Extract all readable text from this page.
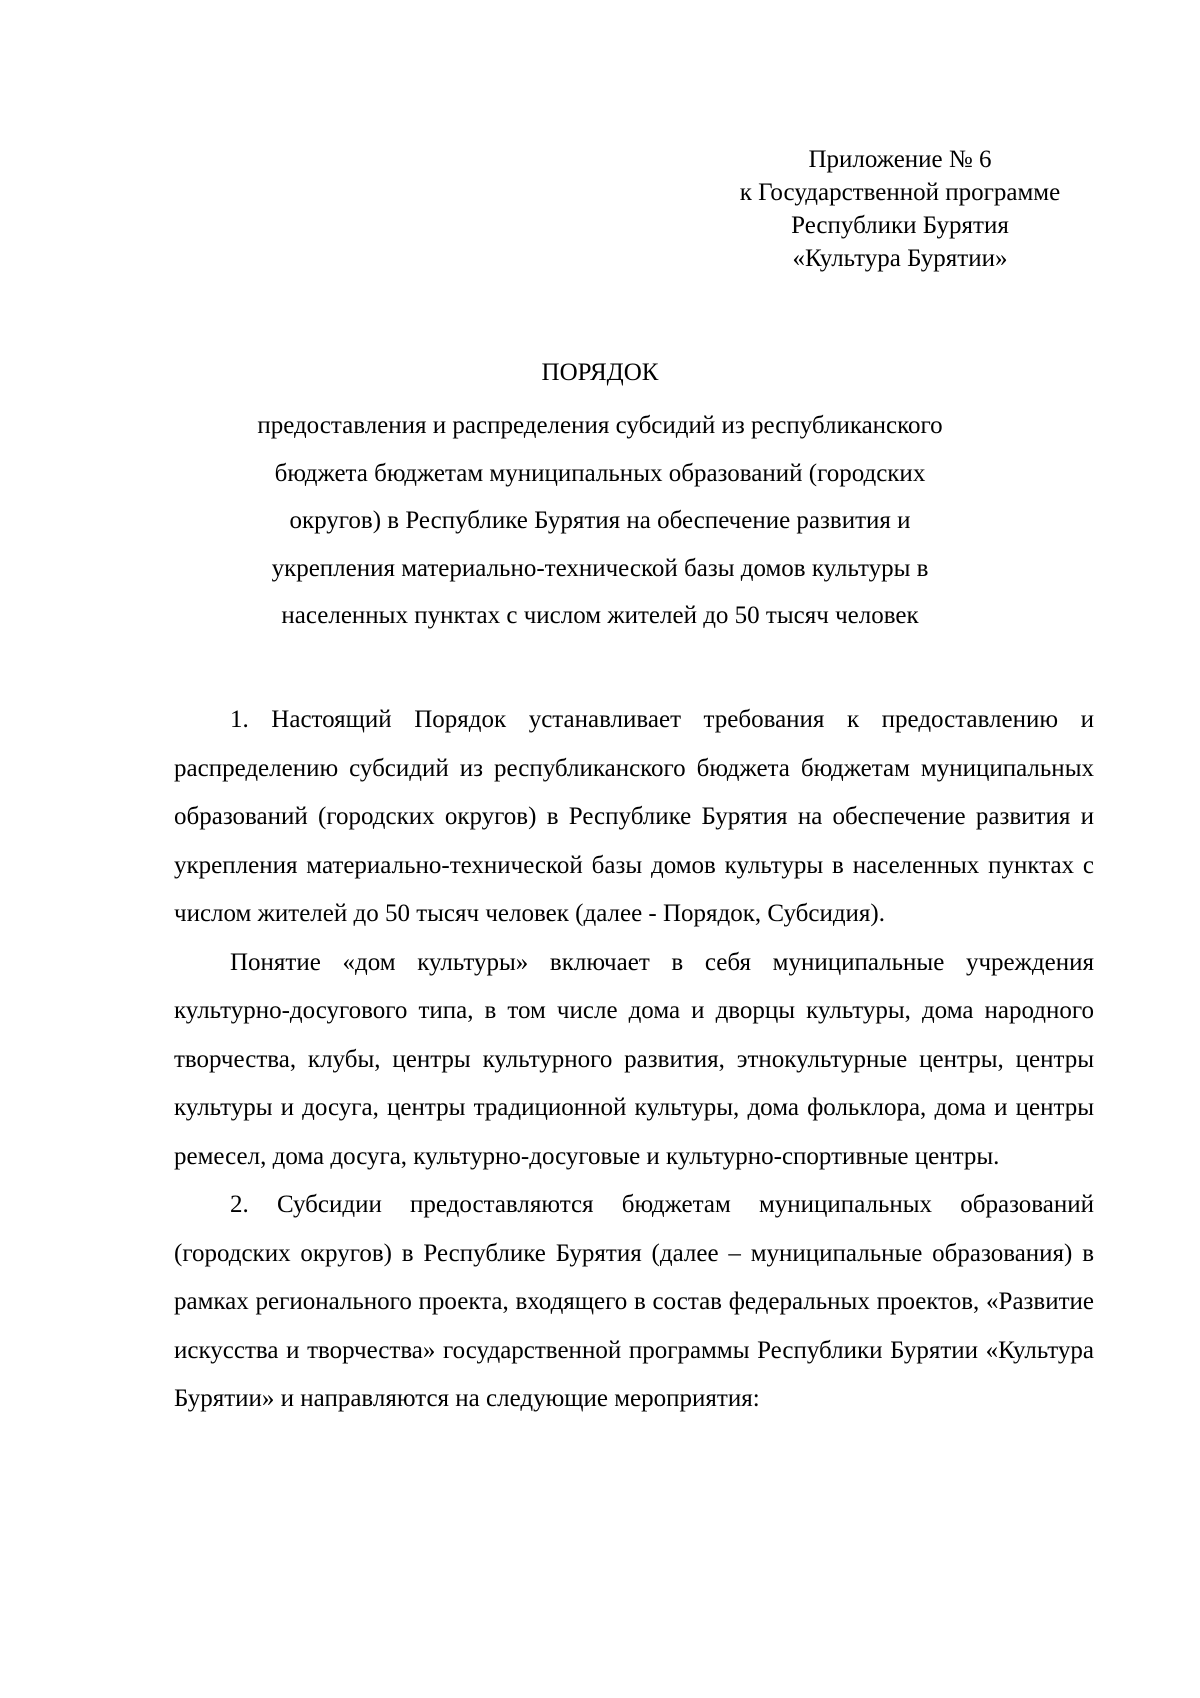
Приложение № 6
к Государственной программе
Республики Бурятия
«Культура Бурятии»
ПОРЯДОК
предоставления и распределения субсидий из республиканского
бюджета бюджетам муниципальных образований (городских
округов) в Республике Бурятия на обеспечение развития и
укрепления материально-технической базы домов культуры в
населенных пунктах с числом жителей до 50 тысяч человек

1. Настоящий Порядок устанавливает требования к предоставлению и распределению субсидий из республиканского бюджета бюджетам муниципальных образований (городских округов) в Республике Бурятия на обеспечение развития и укрепления материально-технической базы домов культуры в населенных пунктах с числом жителей до 50 тысяч человек (далее - Порядок, Субсидия).

Понятие «дом культуры» включает в себя муниципальные учреждения культурно-досугового типа, в том числе дома и дворцы культуры, дома народного творчества, клубы, центры культурного развития, этнокультурные центры, центры культуры и досуга, центры традиционной культуры, дома фольклора, дома и центры ремесел, дома досуга, культурно-досуговые и культурно-спортивные центры.

2. Субсидии предоставляются бюджетам муниципальных образований (городских округов) в Республике Бурятия (далее – муниципальные образования) в рамках регионального проекта, входящего в состав федеральных проектов, «Развитие искусства и творчества» государственной программы Республики Бурятии «Культура Бурятии» и направляются на следующие мероприятия:
